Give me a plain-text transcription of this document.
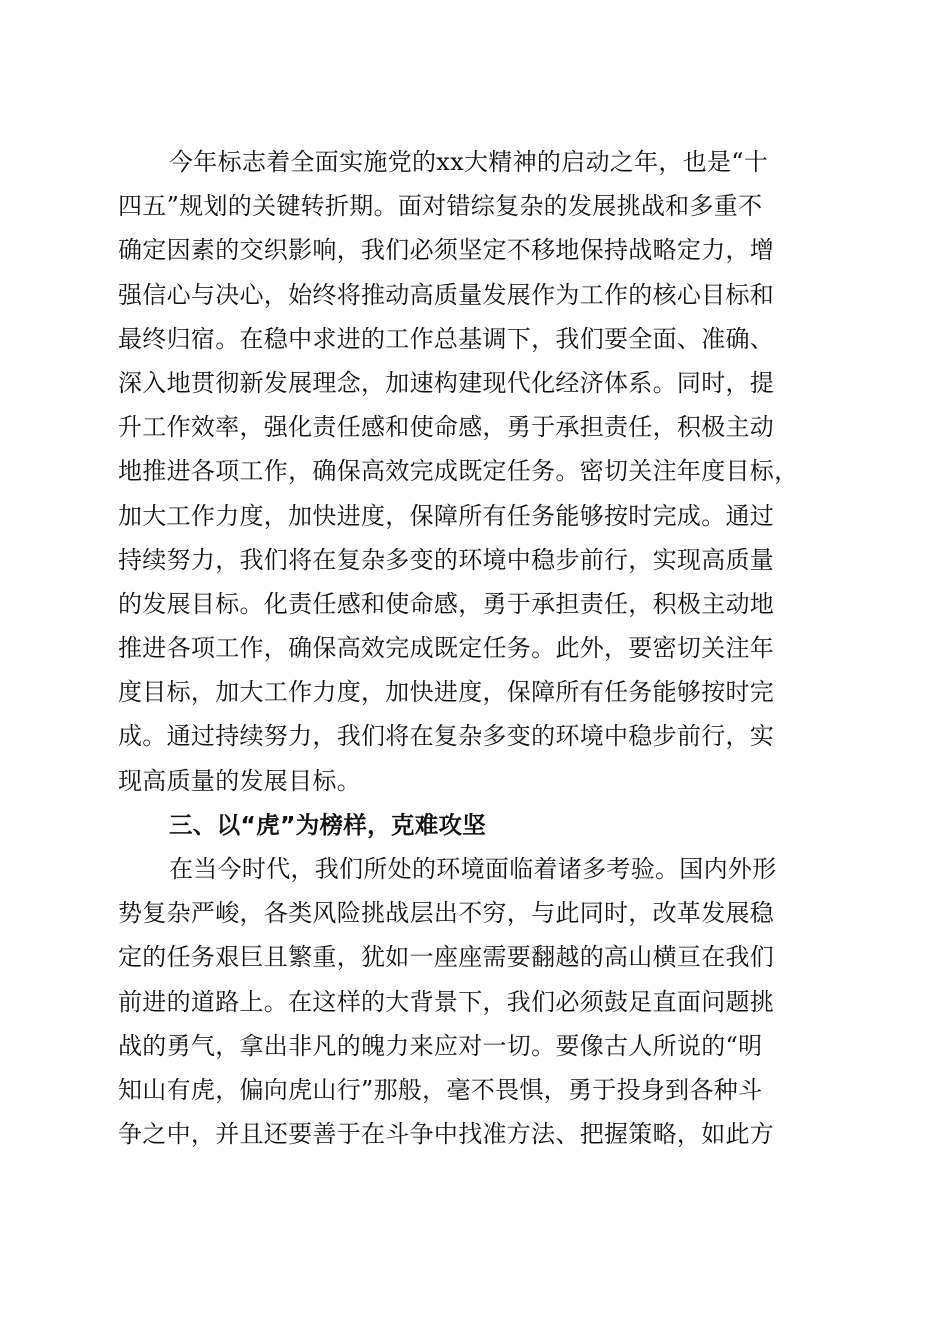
今年标志着全面实施党的xx大精神的启动之年，也是“十
四五”规划的关键转折期。面对错综复杂的发展挑战和多重不
确定因素的交织影响，我们必须坚定不移地保持战略定力，增
强信心与决心，始终将推动高质量发展作为工作的核心目标和
最终归宿。在稳中求进的工作总基调下，我们要全面、准确、
深入地贯彻新发展理念，加速构建现代化经济体系。同时，提
升工作效率，强化责任感和使命感，勇于承担责任，积极主动
地推进各项工作，确保高效完成既定任务。密切关注年度目标，
加大工作力度，加快进度，保障所有任务能够按时完成。通过
持续努力，我们将在复杂多变的环境中稳步前行，实现高质量
的发展目标。化责任感和使命感，勇于承担责任，积极主动地
推进各项工作，确保高效完成既定任务。此外，要密切关注年
度目标，加大工作力度，加快进度，保障所有任务能够按时完
成。通过持续努力，我们将在复杂多变的环境中稳步前行，实
现高质量的发展目标。
三、以“虎”为榜样，克难攻坚
在当今时代，我们所处的环境面临着诸多考验。国内外形
势复杂严峻，各类风险挑战层出不穷，与此同时，改革发展稳
定的任务艰巨且繁重，犹如一座座需要翻越的高山横亘在我们
前进的道路上。在这样的大背景下，我们必须鼓足直面问题挑
战的勇气，拿出非凡的魄力来应对一切。要像古人所说的“明
知山有虎，偏向虎山行”那般，毫不畏惧，勇于投身到各种斗
争之中，并且还要善于在斗争中找准方法、把握策略，如此方
